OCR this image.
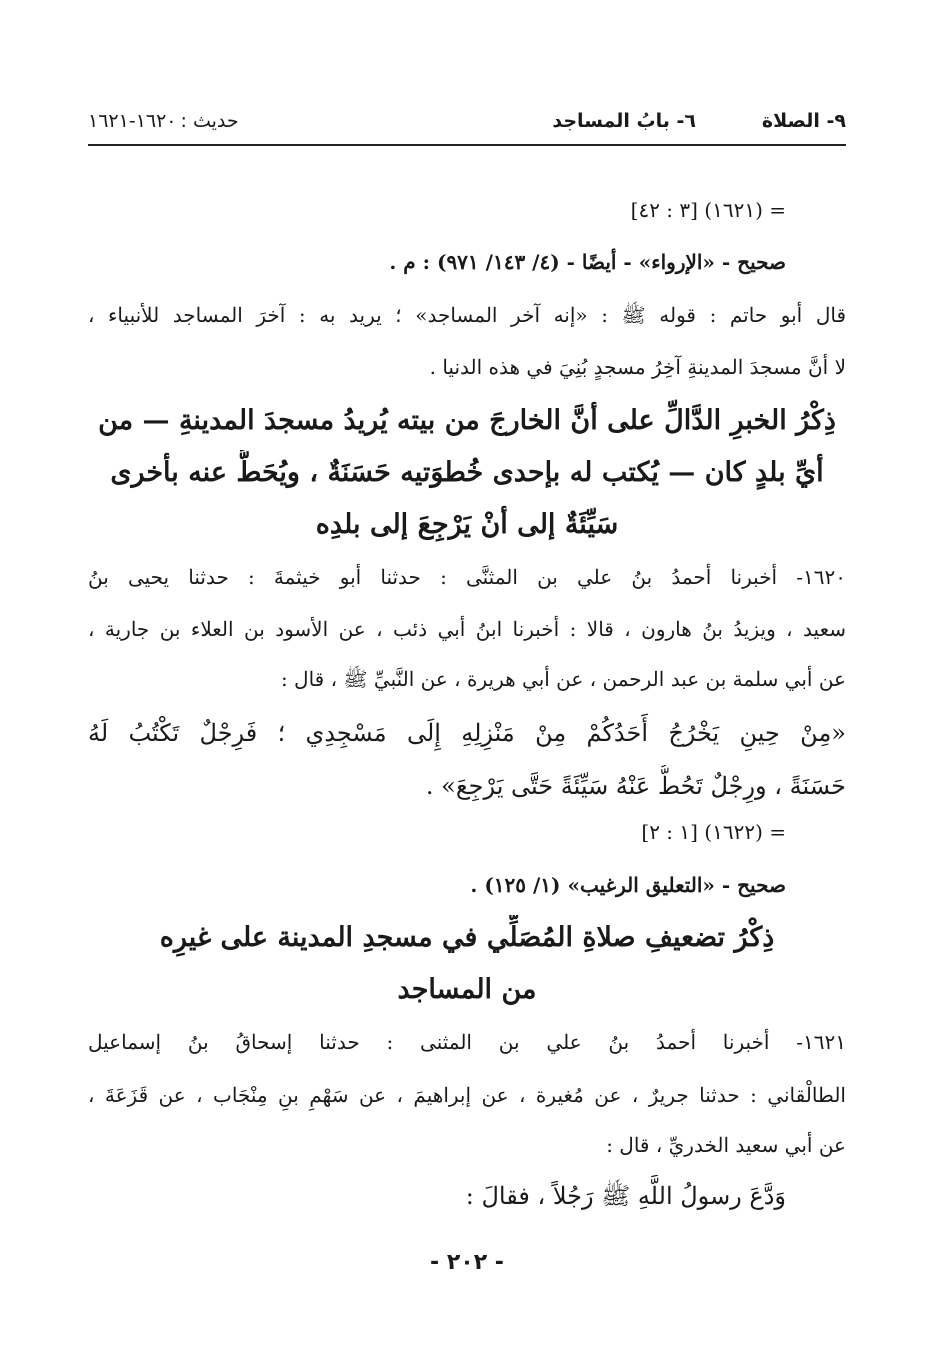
٩- الصلاة
٦- بابُ المساجد
حديث :١٦٢٠-١٦٢١
= (١٦٢١) [٣ : ٤٢]
صحيح - «الإرواء» - أيضًا - (٤/ ١٤٣/ ٩٧١) : م .
قال أبو حاتم : قوله ﷺ : «إنه آخر المساجد» ؛ يريد به : آخرَ المساجد للأنبياء ،
لا أنَّ مسجدَ المدينةِ آخِرُ مسجدٍ بُنِيَ في هذه الدنيا .
ذِكْرُ الخبرِ الدَّالِّ على أنَّ الخارجَ من بيته يُريدُ مسجدَ المدينةِ — من
أيِّ بلدٍ كان — يُكتب له بإحدى خُطوَتيه حَسَنَةٌ ، ويُحَطُّ عنه بأخرى
سَيِّئَةٌ إلى أنْ يَرْجِعَ إلى بلدِه
١٦٢٠- أخبرنا أحمدُ بنُ علي بن المثنَّى : حدثنا أبو خيثمةَ : حدثنا يحيى بنُ
سعيد ، ويزيدُ بنُ هارون ، قالا : أخبرنا ابنُ أبي ذئب ، عن الأسود بن العلاء بن جارية ،
عن أبي سلمة بن عبد الرحمن ، عن أبي هريرة ، عن النَّبيِّ ﷺ ، قال :
«مِنْ حِينِ يَخْرُجُ أَحَدُكُمْ مِنْ مَنْزِلِهِ إِلَى مَسْجِدِي ؛ فَرِجْلٌ تَكْتُبُ لَهُ
حَسَنَةً ، ورِجْلٌ تَحُطُّ عَنْهُ سَيِّئَةً حَتَّى يَرْجِعَ» .
= (١٦٢٢) [١ : ٢]
صحيح - «التعليق الرغيب» (١/ ١٢٥) .
ذِكْرُ تضعيفِ صلاةِ المُصَلِّي في مسجدِ المدينة على غيرِه
من المساجد
١٦٢١- أخبرنا أحمدُ بنُ علي بن المثنى : حدثنا إسحاقُ بنُ إسماعيل
الطالْقاني : حدثنا جريرٌ ، عن مُغيرة ، عن إبراهيمَ ، عن سَهْمِ بنِ مِنْجَاب ، عن قَزَعَةَ ،
عن أبي سعيد الخدريِّ ، قال :
وَدَّعَ رسولُ اللَّهِ ﷺ رَجُلاً ، فقالَ :
- ٢٠٢ -
